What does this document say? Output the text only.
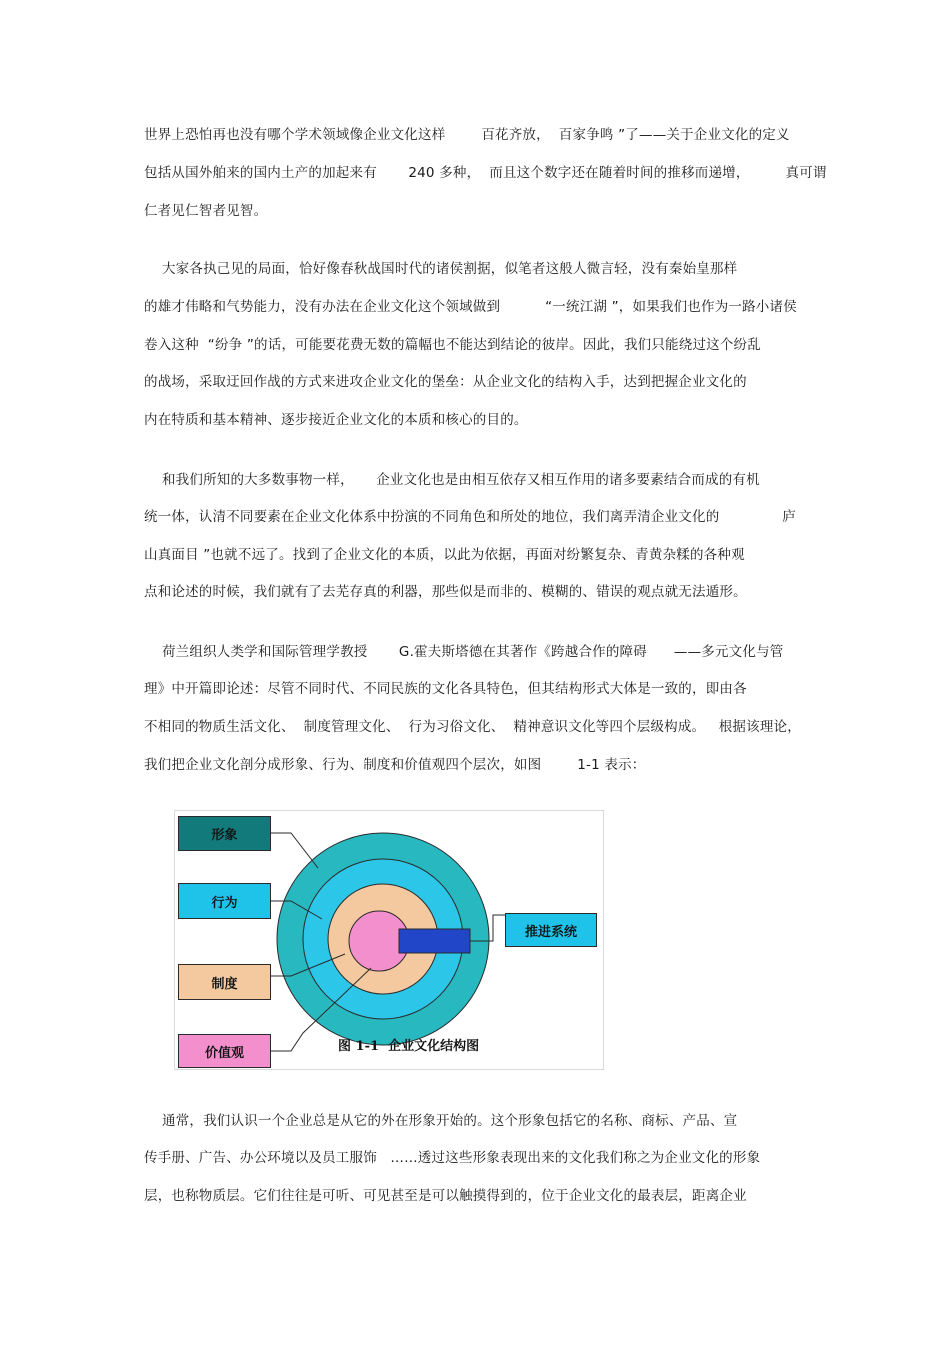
世界上恐怕再也没有哪个学术领域像企业文化这样        百花齐放，  百家争鸣 ”了——关于企业文化的定义
包括从国外舶来的国内土产的加起来有       240 多种，  而且这个数字还在随着时间的推移而递增，        真可谓
仁者见仁智者见智。
大家各执己见的局面，恰好像春秋战国时代的诸侯割据，似笔者这般人微言轻，没有秦始皇那样
的雄才伟略和气势能力，没有办法在企业文化这个领域做到          “一统江湖 ”，如果我们也作为一路小诸侯
卷入这种  “纷争 ”的话，可能要花费无数的篇幅也不能达到结论的彼岸。因此，我们只能绕过这个纷乱
的战场，采取迂回作战的方式来进攻企业文化的堡垒：从企业文化的结构入手，达到把握企业文化的
内在特质和基本精神、逐步接近企业文化的本质和核心的目的。
和我们所知的大多数事物一样，     企业文化也是由相互依存又相互作用的诸多要素结合而成的有机
统一体，认清不同要素在企业文化体系中扮演的不同角色和所处的地位，我们离弄清企业文化的              庐
山真面目 ”也就不远了。找到了企业文化的本质，以此为依据，再面对纷繁复杂、青黄杂糅的各种观
点和论述的时候，我们就有了去芜存真的利器，那些似是而非的、模糊的、错误的观点就无法遁形。
荷兰组织人类学和国际管理学教授       G.霍夫斯塔德在其著作《跨越合作的障碍      ——多元文化与管
理》中开篇即论述：尽管不同时代、不同民族的文化各具特色，但其结构形式大体是一致的，即由各
不相同的物质生活文化、  制度管理文化、  行为习俗文化、  精神意识文化等四个层级构成。   根据该理论，
我们把企业文化剖分成形象、行为、制度和价值观四个层次，如图        1-1 表示：
形象
行为
制度
价值观
推进系统
图 1-1  企业文化结构图
通常，我们认识一个企业总是从它的外在形象开始的。这个形象包括它的名称、商标、产品、宣
传手册、广告、办公环境以及员工服饰   ……透过这些形象表现出来的文化我们称之为企业文化的形象
层，也称物质层。它们往往是可听、可见甚至是可以触摸得到的，位于企业文化的最表层，距离企业
